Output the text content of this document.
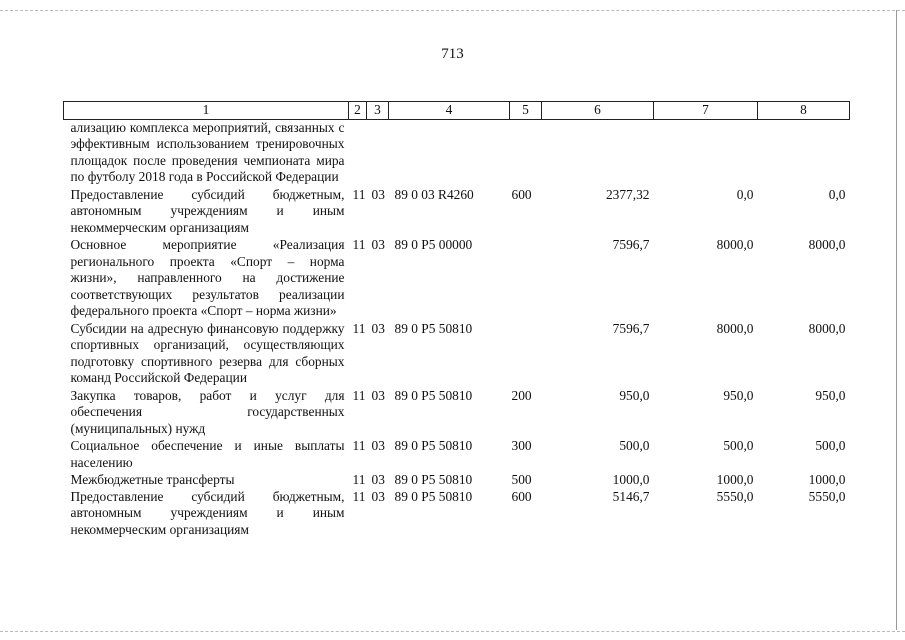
713
1	2	3	4	5	6	7	8
ализацию комплекса мероприятий, связанных с эффективным использованием тренировочных площадок после проведения чемпионата мира по футболу 2018 года в Российской Федерации							
Предоставление субсидий бюджетным, автономным учреждениям и иным некоммерческим организациям	11	03	89 0 03 R4260	600	2377,32	0,0	0,0
Основное мероприятие «Реализация регионального проекта «Спорт – норма жизни», направленного на достижение соответствующих результатов реализации федерального проекта «Спорт – норма жизни»	11	03	89 0 P5 00000		7596,7	8000,0	8000,0
Субсидии на адресную финансовую поддержку спортивных организаций, осуществляющих подготовку спортивного резерва для сборных команд Российской Федерации	11	03	89 0 P5 50810		7596,7	8000,0	8000,0
Закупка товаров, работ и услуг для обеспечения государственных (муниципальных) нужд	11	03	89 0 P5 50810	200	950,0	950,0	950,0
Социальное обеспечение и иные выплаты населению	11	03	89 0 P5 50810	300	500,0	500,0	500,0
Межбюджетные трансферты	11	03	89 0 P5 50810	500	1000,0	1000,0	1000,0
Предоставление субсидий бюджетным, автономным учреждениям и иным некоммерческим организациям	11	03	89 0 P5 50810	600	5146,7	5550,0	5550,0
